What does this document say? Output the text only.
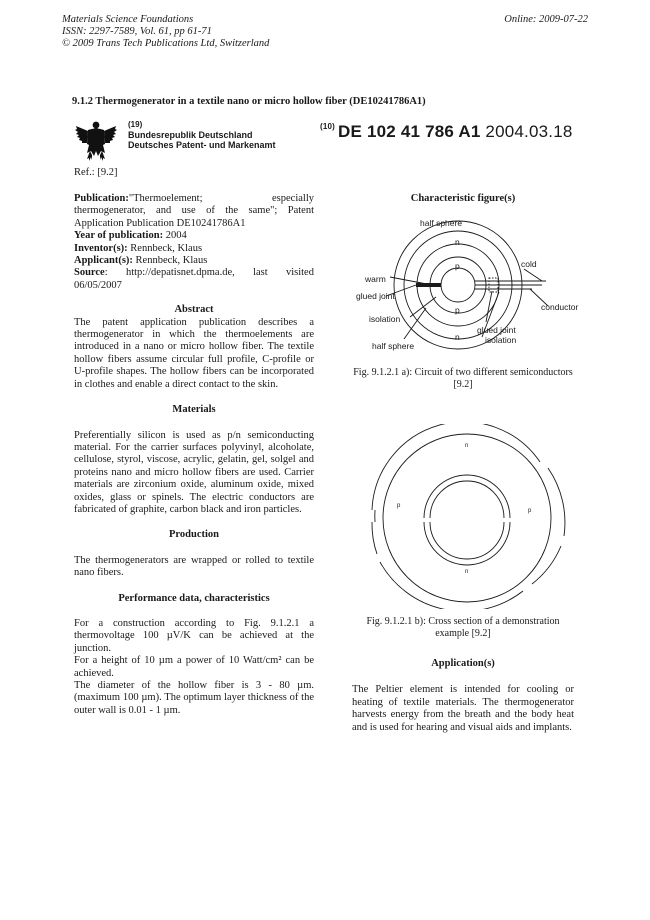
Materials Science Foundations
ISSN: 2297-7589, Vol. 61, pp 61-71
© 2009 Trans Tech Publications Ltd, Switzerland
Online: 2009-07-22
9.1.2 Thermogenerator in a textile nano or micro hollow fiber (DE10241786A1)
(19)
Bundesrepublik Deutschland
Deutsches Patent- und Markenamt
$^{(10)}$ DE 102 41 786 A1 2004.03.18
Ref.: [9.2]

Publication:"Thermoelement; especially thermogenerator, and use of the same"; Patent Application Publication DE10241786A1

Year of publication: 2004

Inventor(s): Rennbeck, Klaus

Applicant(s): Rennbeck, Klaus

Source: http://depatisnet.dpma.de, last visited

06/05/2007

Abstract

The patent application publication describes a thermogenerator in which the thermoelements are introduced in a nano or micro hollow fiber. The textile hollow fibers assume circular full profile, C-profile or U-profile shapes. The hollow fibers can be incorporated in clothes and enable a direct contact to the skin.

Materials

Preferentially silicon is used as p/n semiconducting material. For the carrier surfaces polyvinyl, alcoholate, cellulose, styrol, viscose, acrylic, gelatin, gel, solgel and proteins nano and micro hollow fibers are used. Carrier materials are zirconium oxide, aluminum oxide, mixed oxides, glass or spinels. The electric conductors are fabricated of graphite, carbon black and iron particles.

Production

The thermogenerators are wrapped or rolled to textile nano fibers.

Performance data, characteristics

For a construction according to Fig. 9.1.2.1 a thermovoltage 100 µV/K can be achieved at the junction.

For a height of 10 µm a power of 10 Watt/cm² can be achieved.

The diameter of the hollow fiber is 3 - 80 µm. (maximum 100 µm). The optimum layer thickness of the outer wall is 0.01 - 1 µm.

Characteristic figure(s)

half sphere
n
p	cold
warm
glued joint
conductor
p
isolation
n
glued joint
half sphere
isolation
Fig. 9.1.2.1 a): Circuit of two different semiconductors [9.2]
n
p
p
n
Fig. 9.1.2.1 b): Cross section of a demonstration example [9.2]

Application(s)

The Peltier element is intended for cooling or heating of textile materials. The thermogenerator harvests energy from the breath and the body heat and is used for hearing and visual aids and implants.
